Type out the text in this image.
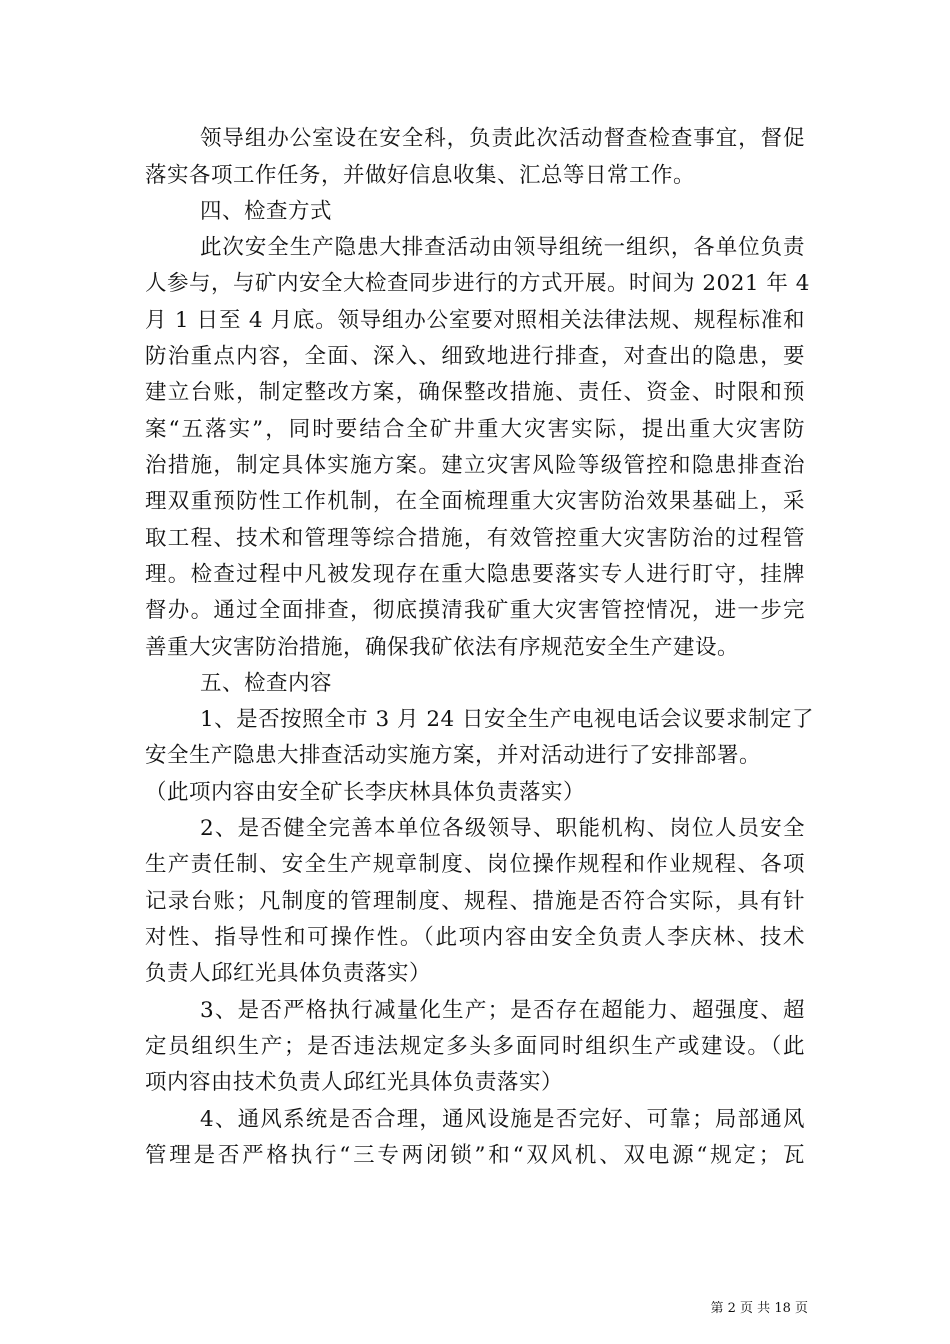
领导组办公室设在安全科，负责此次活动督查检查事宜，督促
落实各项工作任务，并做好信息收集、汇总等日常工作。
四、检查方式
此次安全生产隐患大排查活动由领导组统一组织，各单位负责
人参与，与矿内安全大检查同步进行的方式开展。时间为 2021 年 4
月 1 日至 4 月底。领导组办公室要对照相关法律法规、规程标准和
防治重点内容，全面、深入、细致地进行排查，对查出的隐患，要
建立台账，制定整改方案，确保整改措施、责任、资金、时限和预
案“五落实”，同时要结合全矿井重大灾害实际，提出重大灾害防
治措施，制定具体实施方案。建立灾害风险等级管控和隐患排查治
理双重预防性工作机制，在全面梳理重大灾害防治效果基础上，采
取工程、技术和管理等综合措施，有效管控重大灾害防治的过程管
理。检查过程中凡被发现存在重大隐患要落实专人进行盯守，挂牌
督办。通过全面排查，彻底摸清我矿重大灾害管控情况，进一步完
善重大灾害防治措施，确保我矿依法有序规范安全生产建设。
五、检查内容
1、是否按照全市 3 月 24 日安全生产电视电话会议要求制定了
安全生产隐患大排查活动实施方案，并对活动进行了安排部署。
（此项内容由安全矿长李庆林具体负责落实）
2、是否健全完善本单位各级领导、职能机构、岗位人员安全
生产责任制、安全生产规章制度、岗位操作规程和作业规程、各项
记录台账；凡制度的管理制度、规程、措施是否符合实际，具有针
对性、指导性和可操作性。（此项内容由安全负责人李庆林、技术
负责人邱红光具体负责落实）
3、是否严格执行减量化生产；是否存在超能力、超强度、超
定员组织生产；是否违法规定多头多面同时组织生产或建设。（此
项内容由技术负责人邱红光具体负责落实）
4、通风系统是否合理，通风设施是否完好、可靠；局部通风
管理是否严格执行“三专两闭锁”和“双风机、双电源“规定；瓦
第 2 页 共 18 页
